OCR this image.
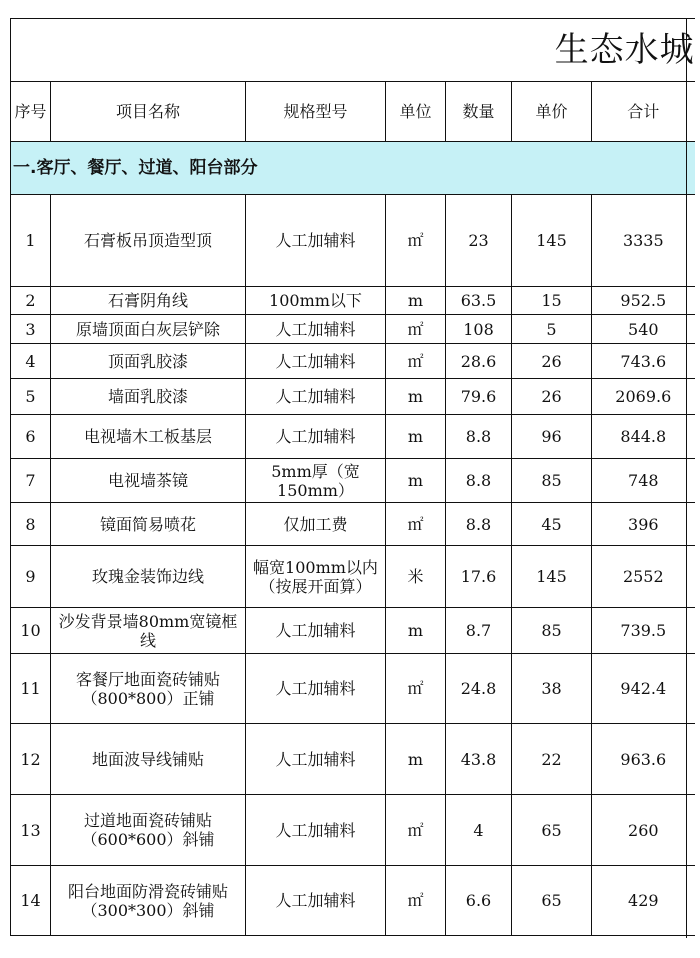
生态水城						
序号	项目名称	规格型号	单位	数量	单价	合计
一.客厅、餐厅、过道、阳台部分						
1	石膏板吊顶造型顶	人工加辅料	㎡	23	145	3335
2	石膏阴角线	100mm以下	m	63.5	15	952.5
3	原墙顶面白灰层铲除	人工加辅料	㎡	108	5	540
4	顶面乳胶漆	人工加辅料	㎡	28.6	26	743.6
5	墙面乳胶漆	人工加辅料	m	79.6	26	2069.6
6	电视墙木工板基层	人工加辅料	m	8.8	96	844.8
7	电视墙茶镜	5mm厚（宽150mm）	m	8.8	85	748
8	镜面简易喷花	仅加工费	㎡	8.8	45	396
9	玫瑰金装饰边线	幅宽100mm以内（按展开面算）	米	17.6	145	2552
10	沙发背景墙80mm宽镜框线	人工加辅料	m	8.7	85	739.5
11	客餐厅地面瓷砖铺贴（800*800）正铺	人工加辅料	㎡	24.8	38	942.4
12	地面波导线铺贴	人工加辅料	m	43.8	22	963.6
13	过道地面瓷砖铺贴（600*600）斜铺	人工加辅料	㎡	4	65	260
14	阳台地面防滑瓷砖铺贴（300*300）斜铺	人工加辅料	㎡	6.6	65	429
